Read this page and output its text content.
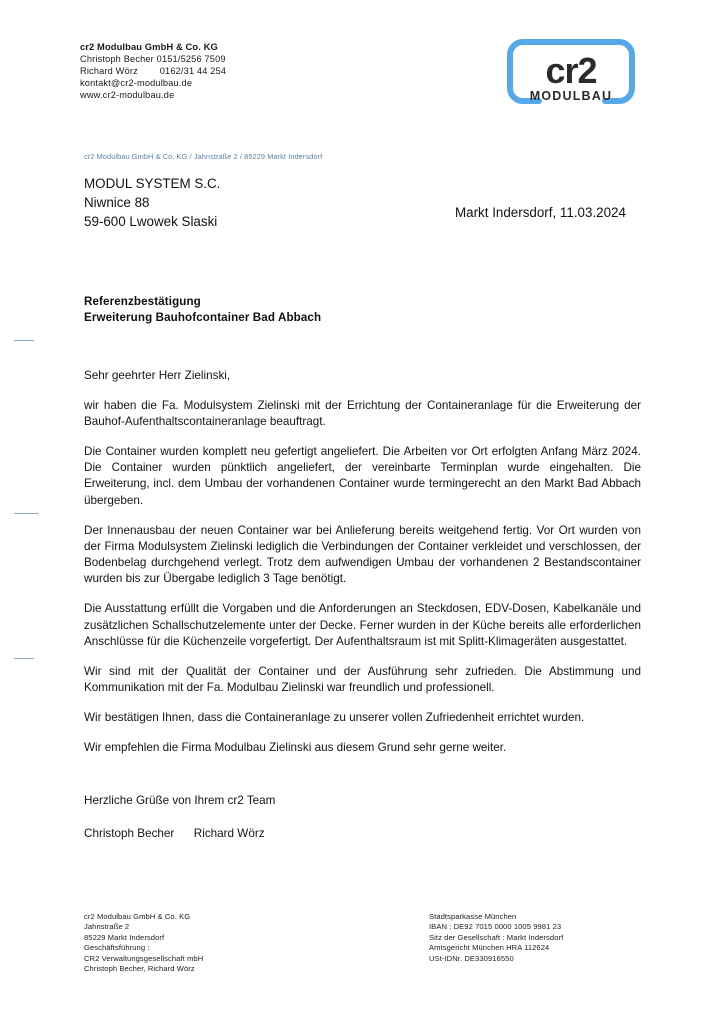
cr2 Modulbau GmbH & Co. KG
Christoph Becher 0151/5256 7509
Richard Wörz        0162/31 44 254
kontakt@cr2-modulbau.de
www.cr2-modulbau.de
cr2
MODULBAU
cr2 Modulbau GmbH & Co. KG / Jahnstraße 2 / 85229 Markt Indersdorf
MODUL SYSTEM S.C.
Niwnice 88
59-600 Lwowek Slaski
Markt Indersdorf, 11.03.2024
Referenzbestätigung
Erweiterung Bauhofcontainer Bad Abbach

Sehr geehrter Herr Zielinski,

wir haben die Fa. Modulsystem Zielinski mit der Errichtung der Containeranlage für die Erweiterung der Bauhof-Aufenthaltscontaineranlage beauftragt.

Die Container wurden komplett neu gefertigt angeliefert. Die Arbeiten vor Ort erfolgten Anfang März 2024. Die Container wurden pünktlich angeliefert, der vereinbarte Terminplan wurde eingehalten. Die Erweiterung, incl. dem Umbau der vorhandenen Container wurde termingerecht an den Markt Bad Abbach übergeben.

Der Innenausbau der neuen Container war bei Anlieferung bereits weitgehend fertig. Vor Ort wurden von der Firma Modulsystem Zielinski lediglich die Verbindungen der Container verkleidet und verschlossen, der Bodenbelag durchgehend verlegt. Trotz dem aufwendigen Umbau der vorhandenen 2 Bestandscontainer wurden bis zur Übergabe lediglich 3 Tage benötigt.

Die Ausstattung erfüllt die Vorgaben und die Anforderungen an Steckdosen, EDV-Dosen, Kabelkanäle und zusätzlichen Schallschutzelemente unter der Decke. Ferner wurden in der Küche bereits alle erforderlichen Anschlüsse für die Küchenzeile vorgefertigt. Der Aufenthaltsraum ist mit Splitt-Klimageräten ausgestattet.

Wir sind mit der Qualität der Container und der Ausführung sehr zufrieden. Die Abstimmung und Kommunikation mit der Fa. Modulbau Zielinski war freundlich und professionell.

Wir bestätigen Ihnen, dass die Containeranlage zu unserer vollen Zufriedenheit errichtet wurden.

Wir empfehlen die Firma Modulbau Zielinski aus diesem Grund sehr gerne weiter.

Herzliche Grüße von Ihrem cr2 Team
Christoph Becher      Richard Wörz
cr2 Modulbau GmbH & Co. KG
Jahnstraße 2
85229 Markt Indersdorf
Geschäftsführung :
CR2 Verwaltungsgesellschaft mbH
Christoph Becher, Richard Wörz
Stadtsparkasse München
IBAN : DE92 7015 0000 1005 9981 23
Sitz der Gesellschaft : Markt Indersdorf
Amtsgericht München HRA 112624
USt-IDNr. DE330916550
